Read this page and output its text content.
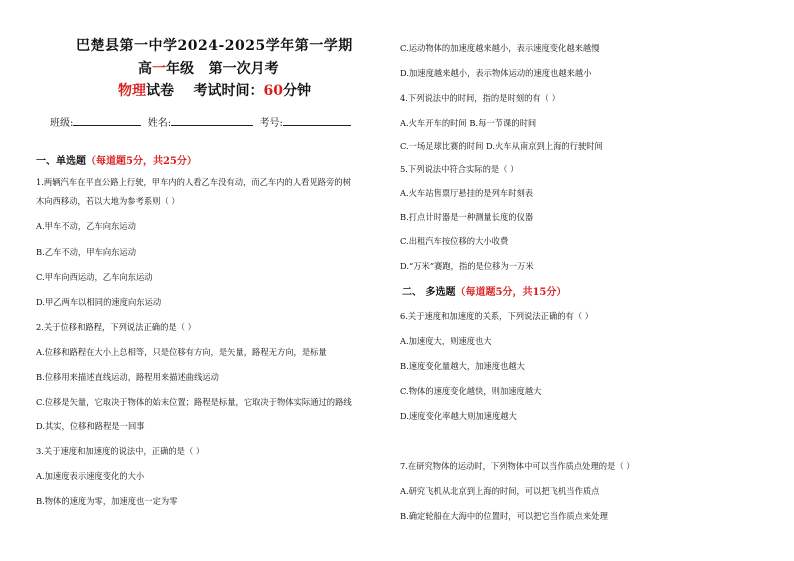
巴楚县第一中学2024-2025学年第一学期
高一年级 第一次月考
物理试卷 考试时间：60分钟
班级:	姓名:	考号:
一、单选题（每道题5分，共25分）
1.两辆汽车在平直公路上行驶，甲车内的人看乙车没有动，而乙车内的人看见路旁的树
木向西移动，若以大地为参考系则（ ）
A.甲车不动，乙车向东运动
B.乙车不动，甲车向东运动
C.甲车向西运动，乙车向东运动
D.甲乙两车以相同的速度向东运动
2.关于位移和路程，下列说法正确的是（ ）
A.位移和路程在大小上总相等，只是位移有方向，是矢量，路程无方向，是标量
B.位移用来描述直线运动，路程用来描述曲线运动
C.位移是矢量，它取决于物体的始末位置；路程是标量，它取决于物体实际通过的路线
D.其实，位移和路程是一回事
3.关于速度和加速度的说法中，正确的是（ ）
A.加速度表示速度变化的大小
B.物体的速度为零，加速度也一定为零
C.运动物体的加速度越来越小，表示速度变化越来越慢
D.加速度越来越小，表示物体运动的速度也越来越小
4.下列说法中的时间，指的是时刻的有（ ）
A.火车开车的时间 B.每一节课的时间
C.一场足球比赛的时间 D.火车从南京到上海的行驶时间
5.下列说法中符合实际的是（ ）
A.火车站售票厅悬挂的是列车时刻表
B.打点计时器是一种测量长度的仪器
C.出租汽车按位移的大小收费
D.“万米”赛跑，指的是位移为一万米
二、 多选题（每道题5分，共15分）
6.关于速度和加速度的关系，下列说法正确的有（ ）
A.加速度大，则速度也大
B.速度变化量越大，加速度也越大
C.物体的速度变化越快，则加速度越大
D.速度变化率越大则加速度越大
7.在研究物体的运动时，下列物体中可以当作质点处理的是（ ）
A.研究飞机从北京到上海的时间，可以把飞机当作质点
B.确定轮船在大海中的位置时，可以把它当作质点来处理
